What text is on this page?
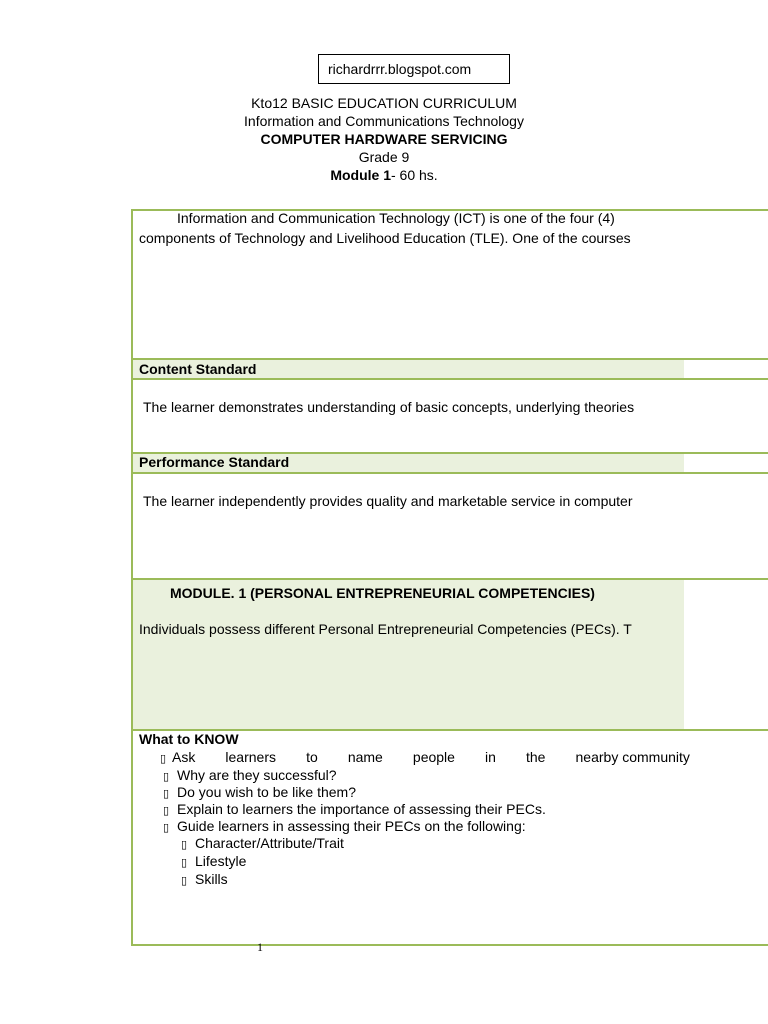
richardrrr.blogspot.com
Kto12 BASIC EDUCATION CURRICULUM
Information and Communications Technology
COMPUTER HARDWARE SERVICING
Grade 9
Module 1- 60 hs.
Information and Communication Technology (ICT) is one of the four (4)
components of Technology and Livelihood Education (TLE). One of the courses
Content Standard
The learner demonstrates understanding of basic concepts, underlying theories
Performance Standard
The learner independently provides quality and marketable service in computer
MODULE. 1 (PERSONAL ENTREPRENEURIAL COMPETENCIES)
Individuals possess different Personal Entrepreneurial Competencies (PECs). T
What to KNOW
▯ Ask learners to name people in the nearby community
▯ Why are they successful?
▯ Do you wish to be like them?
▯ Explain to learners the importance of assessing their PECs.
▯ Guide learners in assessing their PECs on the following:
▯ Character/Attribute/Trait
▯ Lifestyle
▯ Skills
1
